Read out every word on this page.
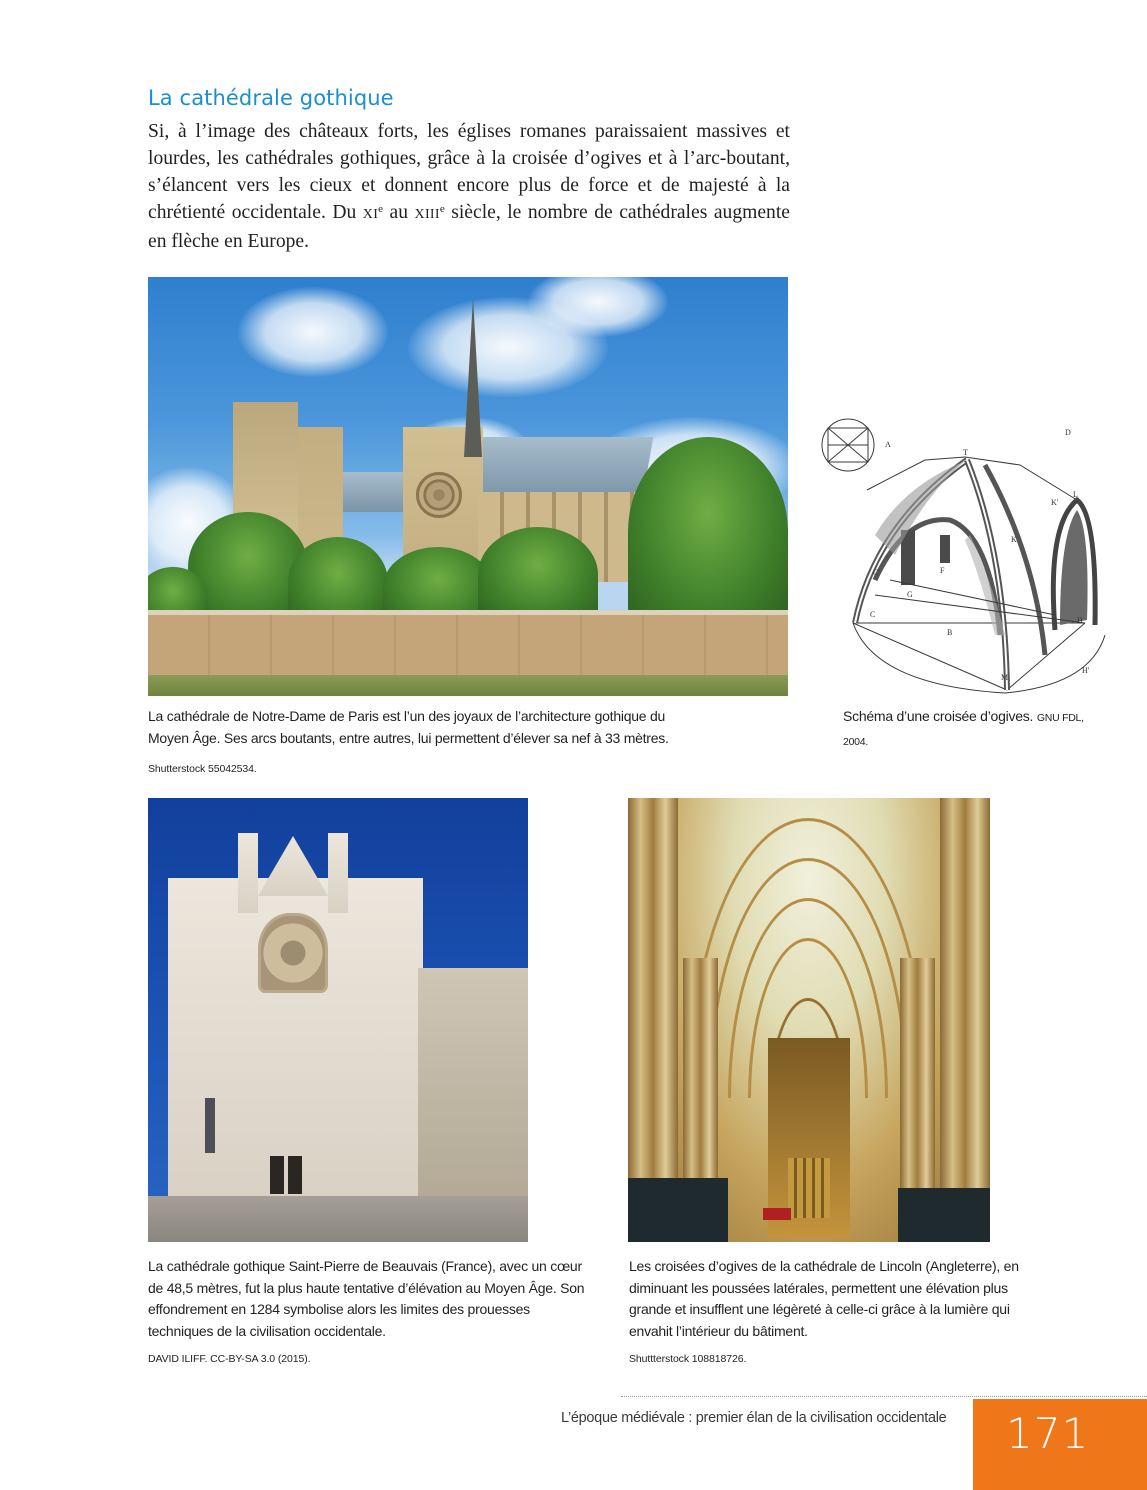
La cathédrale gothique

Si, à l’image des châteaux forts, les églises romanes paraissaient massives et lourdes, les cathédrales gothiques, grâce à la croisée d’ogives et à l’arc-boutant, s’élancent vers les cieux et donnent encore plus de force et de majesté à la chrétienté occidentale. Du XIe au XIIIe siècle, le nombre de cathédrales augmente en flèche en Europe.

La cathédrale de Notre-Dame de Paris est l’un des joyaux de l’architecture gothique du Moyen Âge. Ses arcs boutants, entre autres, lui permettent d’élever sa nef à 33 mètres.

Shutterstock 55042534.

A
D
T
L
K'
K
C'
G
F
C
B
H
H'
M

Schéma d’une croisée d’ogives. GNU FDL, 2004.

La cathédrale gothique Saint-Pierre de Beauvais (France), avec un cœur de 48,5 mètres, fut la plus haute tentative d’élévation au Moyen Âge. Son effondrement en 1284 symbolise alors les limites des prouesses techniques de la civilisation occidentale.

DAVID ILIFF. CC-BY-SA 3.0 (2015).

Les croisées d’ogives de la cathédrale de Lincoln (Angleterre), en diminuant les poussées latérales, permettent une élévation plus grande et insufflent une légèreté à celle-ci grâce à la lumière qui envahit l’intérieur du bâtiment.

Shuttterstock 108818726.

L’époque médiévale : premier élan de la civilisation occidentale 171
